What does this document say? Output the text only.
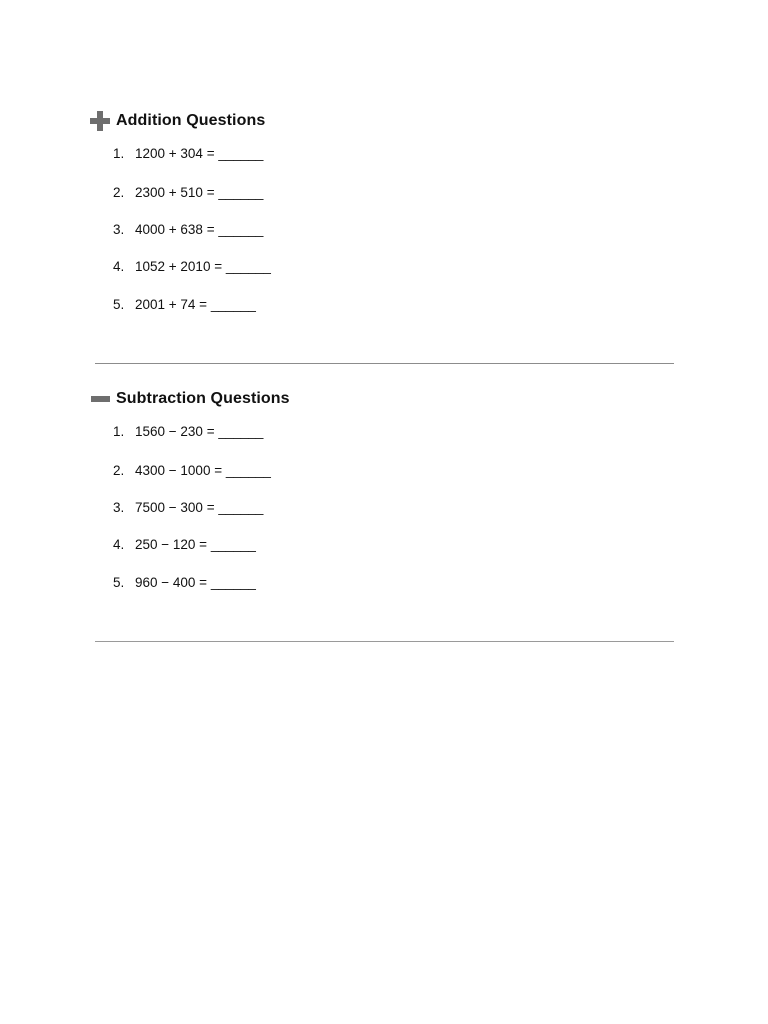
Addition Questions
1. 1200 + 304 = ______
2. 2300 + 510 = ______
3. 4000 + 638 = ______
4. 1052 + 2010 = ______
5. 2001 + 74 = ______
Subtraction Questions
1. 1560 − 230 = ______
2. 4300 − 1000 = ______
3. 7500 − 300 = ______
4. 250 − 120 = ______
5. 960 − 400 = ______
